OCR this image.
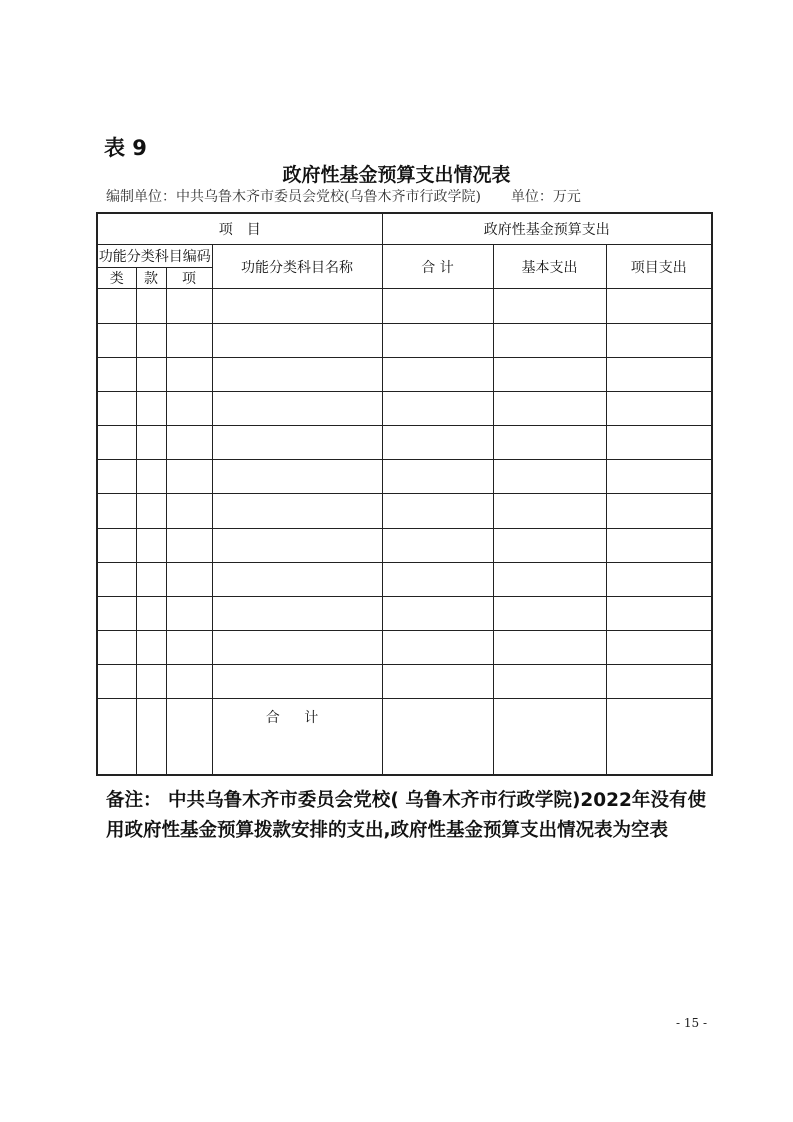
表 9
政府性基金预算支出情况表
编制单位：中共乌鲁木齐市委员会党校(乌鲁木齐市行政学院) 单位：万元
项　目				政府性基金预算支出		
功能分类科目编码			功能分类科目名称	合 计	基本支出	项目支出
类	款	项				

			合 计			
备注： 中共乌鲁木齐市委员会党校( 乌鲁木齐市行政学院)2022年没有使用政府性基金预算拨款安排的支出,政府性基金预算支出情况表为空表
- 15 -
